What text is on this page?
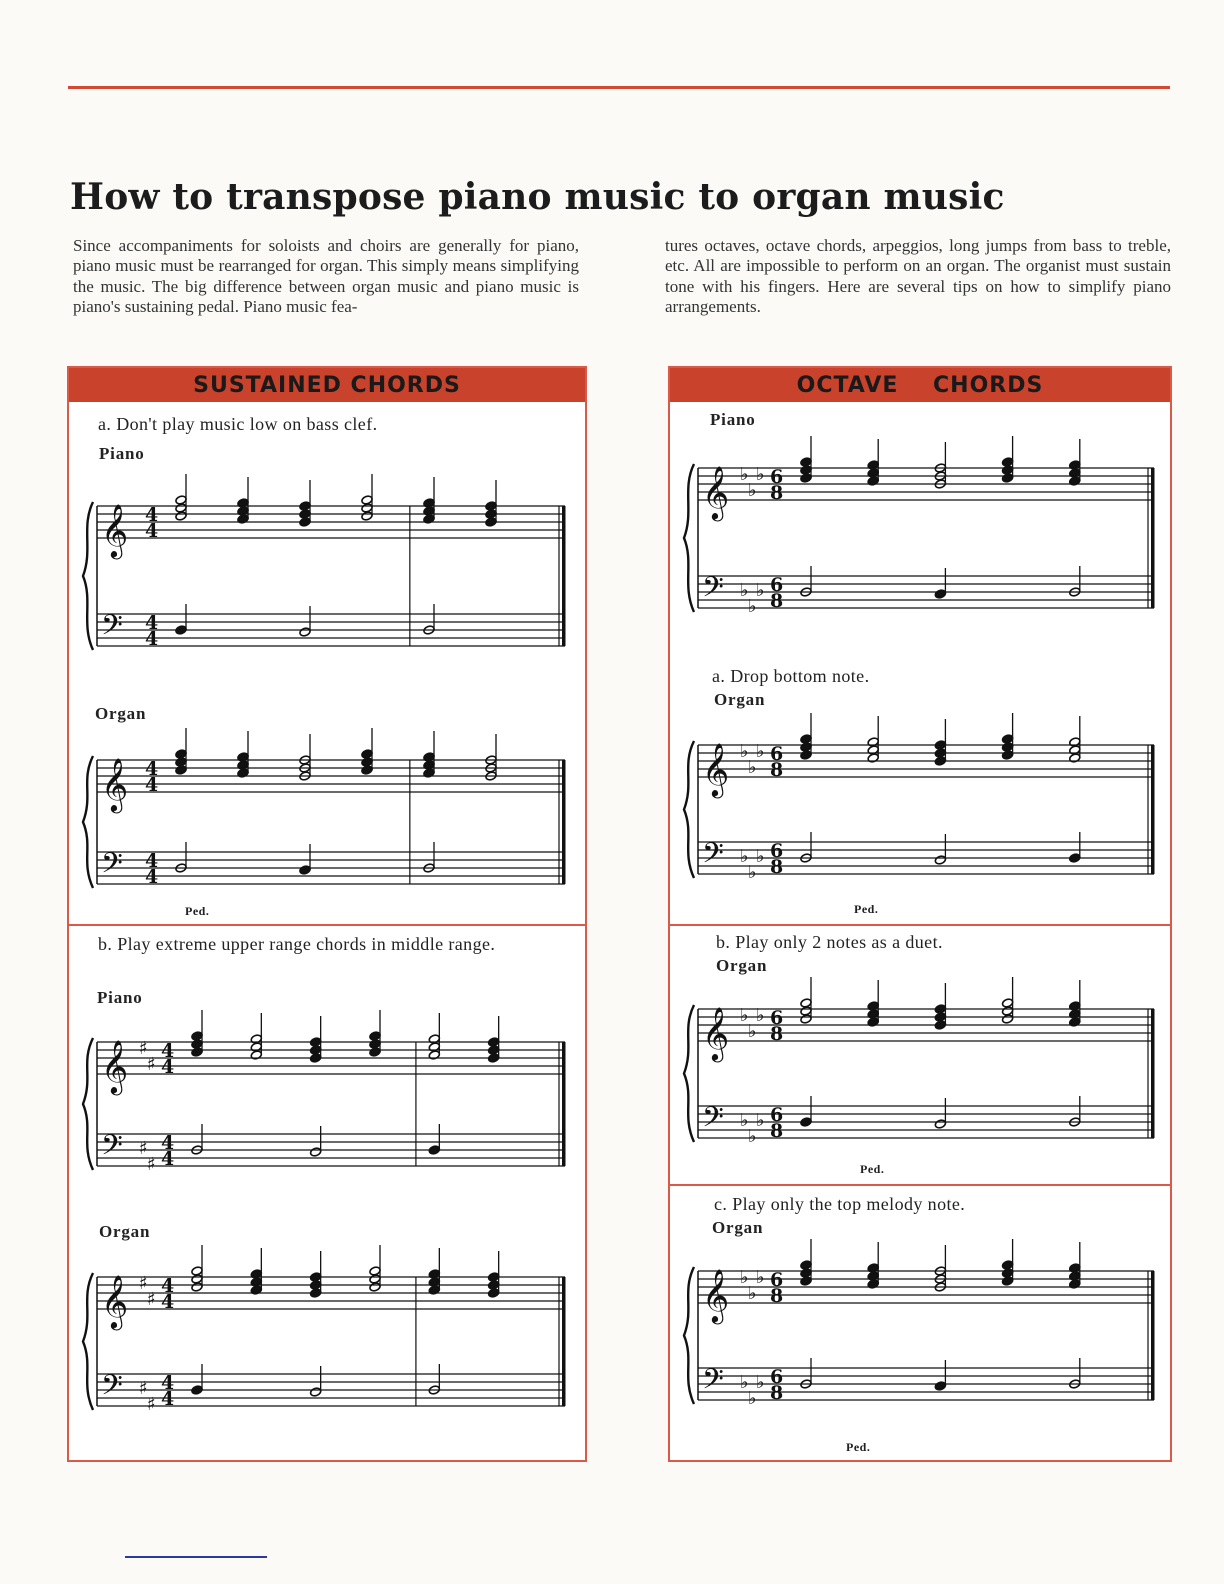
How to transpose piano music to organ music

Since accompaniments for soloists and choirs are generally for piano, piano music must be rearranged for organ. This simply means simplifying the music. The big difference between organ music and piano music is piano's sustaining pedal. Piano music fea-

tures octaves, octave chords, arpeggios, long jumps from bass to treble, etc. All are impossible to perform on an organ. The organist must sustain tone with his fingers. Here are several tips on how to simplify piano arrangements.

SUSTAINED CHORDS
a. Don't play music low on bass clef.
Piano
𝄞
𝄢
4
4
4
4
Organ
𝄞
𝄢
4
4
4
4
Ped.
b. Play extreme upper range chords in middle range.
Piano
𝄞
𝄢
♯
♯
♯
♯
4
4
4
4
Organ
𝄞
𝄢
♯
♯
♯
♯
4
4
4
4
OCTAVE    CHORDS
Piano
𝄞
𝄢
♭
♭
♭
♭
♭
♭
6
8
6
8
a. Drop bottom note.
Organ
𝄞
𝄢
♭
♭
♭
♭
♭
♭
6
8
6
8
Ped.
b. Play only 2 notes as a duet.
Organ
𝄞
𝄢
♭
♭
♭
♭
♭
♭
6
8
6
8
Ped.
c. Play only the top melody note.
Organ
𝄞
𝄢
♭
♭
♭
♭
♭
♭
6
8
6
8
Ped.
